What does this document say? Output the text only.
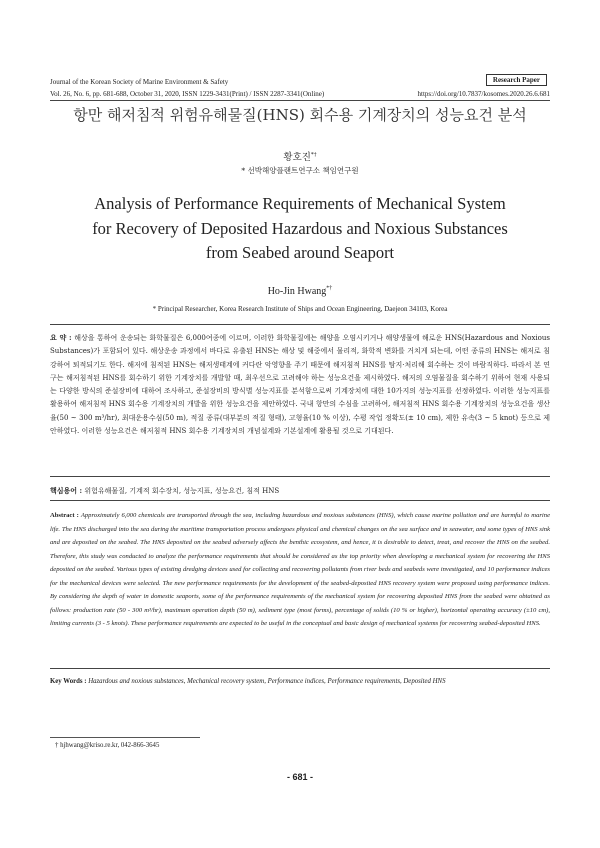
Journal of the Korean Society of Marine Environment & Safety	Research Paper
Vol. 26, No. 6, pp. 681-688, October 31, 2020, ISSN 1229-3431(Print) / ISSN 2287-3341(Online)	https://doi.org/10.7837/kosomes.2020.26.6.681
항만 해저침적 위험유해물질(HNS) 회수용 기계장치의 성능요건 분석
황호진*†
* 선박해양플랜트연구소 책임연구원
Analysis of Performance Requirements of Mechanical System
for Recovery of Deposited Hazardous and Noxious Substances
from Seabed around Seaport
Ho-Jin Hwang*†
* Principal Researcher, Korea Research Institute of Ships and Ocean Engineering, Daejeon 34103, Korea
요 약 : 해상을 통하여 운송되는 화학물질은 6,000여종에 이르며, 이러한 화학물질에는 해양을 오염시키거나 해양생물에 해로운 HNS(Hazardous and Noxious Substances)가 포함되어 있다. 해상운송 과정에서 바다로 유출된 HNS는 해상 및 해중에서 물리적, 화학적 변화를 거치게 되는데, 어떤 종류의 HNS는 해저로 침강하여 퇴적되기도 한다. 해저에 침적된 HNS는 해저생태계에 커다란 악영향을 주기 때문에 해저침적 HNS를 탐지·처리해 회수하는 것이 바람직하다. 따라서 본 연구는 해저침적된 HNS를 회수하기 위한 기계장치를 개발할 때, 최우선으로 고려해야 하는 성능요건을 제시하였다. 해저의 오염물질을 회수하기 위하여 현재 사용되는 다양한 방식의 준설장비에 대하여 조사하고, 준설장비의 방식별 성능지표를 분석함으로써 기계장치에 대한 10가지의 성능지표를 선정하였다. 이러한 성능지표를 활용하여 해저침적 HNS 회수용 기계장치의 개발을 위한 성능요건을 제안하였다. 국내 항만의 수심을 고려하여, 해저침적 HNS 회수용 기계장치의 성능요건을 생산율(50 ~ 300 m³/hr), 최대운용수심(50 m), 적질 종류(대부분의 적질 형태), 고형율(10 % 이상), 수평 작업 정확도(± 10 cm), 제한 유속(3 ~ 5 knot) 등으로 제안하였다. 이러한 성능요건은 해저침적 HNS 회수용 기계장치의 개념설계와 기본설계에 활용될 것으로 기대된다.
핵심용어 : 위험유해물질, 기계적 회수장치, 성능지표, 성능요건, 침적 HNS
Abstract : Approximately 6,000 chemicals are transported through the sea, including hazardous and noxious substances (HNS), which cause marine pollution and are harmful to marine life. The HNS discharged into the sea during the maritime transportation process undergoes physical and chemical changes on the sea surface and in seawater, and some types of HNS sink and are deposited on the seabed. The HNS deposited on the seabed adversely affects the benthic ecosystem, and hence, it is desirable to detect, treat, and recover the HNS on the seabed. Therefore, this study was conducted to analyze the performance requirements that should be considered as the top priority when developing a mechanical system for recovering the HNS deposited on the seabed. Various types of existing dredging devices used for collecting and recovering pollutants from river beds and seabeds were investigated, and 10 performance indices for the mechanical devices were selected. The new performance requirements for the development of the seabed-deposited HNS recovery system were proposed using performance indices. By considering the depth of water in domestic seaports, some of the performance requirements of the mechanical system for recovering deposited HNS from the seabed were obtained as follows: production rate (50 - 300 m³/hr), maximum operation depth (50 m), sediment type (most forms), percentage of solids (10 % or higher), horizontal operating accuracy (±10 cm), limiting currents (3 - 5 knots). These performance requirements are expected to be useful in the conceptual and basic design of mechanical systems for recovering seabed-deposited HNS.
Key Words : Hazardous and noxious substances, Mechanical recovery system, Performance indices, Performance requirements, Deposited HNS
† hjhwang@kriso.re.kr, 042-866-3645
- 681 -
